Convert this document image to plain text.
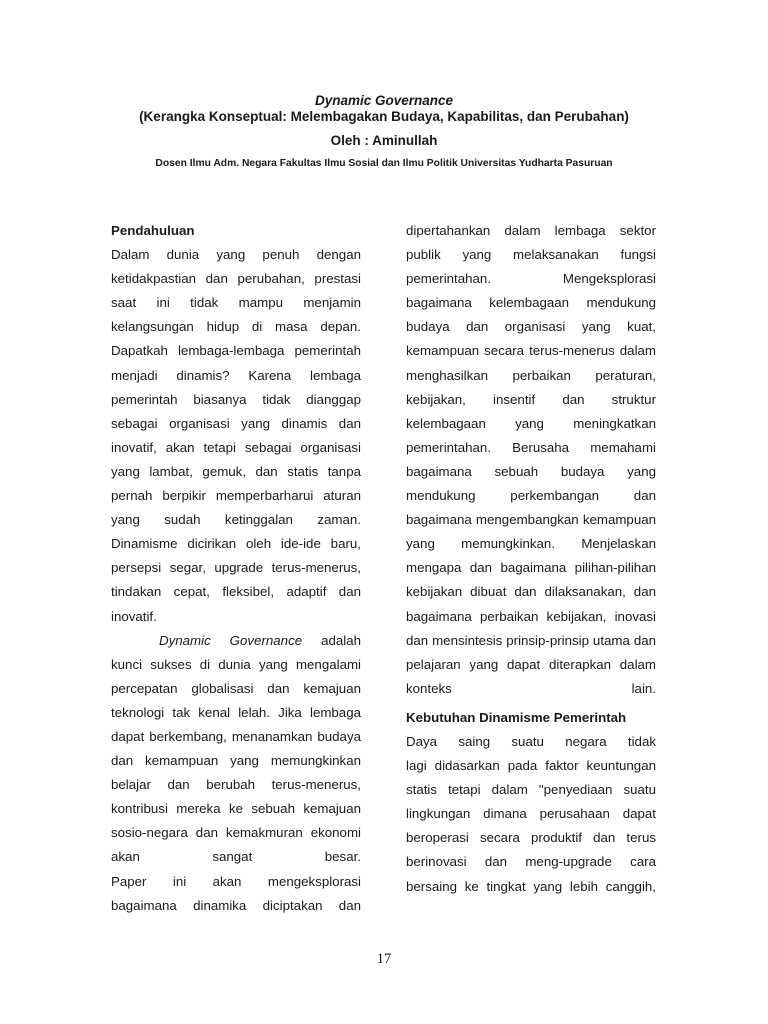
Dynamic Governance
(Kerangka Konseptual: Melembagakan Budaya, Kapabilitas, dan Perubahan)
Oleh : Aminullah
Dosen Ilmu Adm. Negara Fakultas Ilmu Sosial dan Ilmu Politik Universitas Yudharta Pasuruan

Pendahuluan

Dalam dunia yang penuh dengan
ketidakpastian dan perubahan, prestasi
saat ini tidak mampu menjamin
kelangsungan hidup di masa depan.
Dapatkah lembaga-lembaga pemerintah
menjadi dinamis? Karena lembaga
pemerintah biasanya tidak dianggap
sebagai organisasi yang dinamis dan
inovatif, akan tetapi sebagai organisasi
yang lambat, gemuk, dan statis tanpa
pernah berpikir memperbarharui aturan
yang sudah ketinggalan zaman.
Dinamisme dicirikan oleh ide-ide baru,
persepsi segar, upgrade terus-menerus,
tindakan cepat, fleksibel, adaptif dan
inovatif.

Dynamic Governance adalah
kunci sukses di dunia yang mengalami
percepatan globalisasi dan kemajuan
teknologi tak kenal lelah. Jika lembaga
dapat berkembang, menanamkan budaya
dan kemampuan yang memungkinkan
belajar dan berubah terus-menerus,
kontribusi mereka ke sebuah kemajuan
sosio-negara dan kemakmuran ekonomi
akan sangat besar.

Paper ini akan mengeksplorasi
bagaimana dinamika diciptakan dan

dipertahankan dalam lembaga sektor
publik yang melaksanakan fungsi
pemerintahan. Mengeksplorasi
bagaimana kelembagaan mendukung
budaya dan organisasi yang kuat,
kemampuan secara terus-menerus dalam
menghasilkan perbaikan peraturan,
kebijakan, insentif dan struktur
kelembagaan yang meningkatkan
pemerintahan. Berusaha memahami
bagaimana sebuah budaya yang
mendukung perkembangan dan
bagaimana mengembangkan kemampuan
yang memungkinkan. Menjelaskan
mengapa dan bagaimana pilihan-pilihan
kebijakan dibuat dan dilaksanakan, dan
bagaimana perbaikan kebijakan, inovasi
dan mensintesis prinsip-prinsip utama dan
pelajaran yang dapat diterapkan dalam
konteks lain.

Kebutuhan Dinamisme Pemerintah

Daya saing suatu negara tidak
lagi didasarkan pada faktor keuntungan
statis tetapi dalam "penyediaan suatu
lingkungan dimana perusahaan dapat
beroperasi secara produktif dan terus
berinovasi dan meng-upgrade cara
bersaing ke tingkat yang lebih canggih,

17
